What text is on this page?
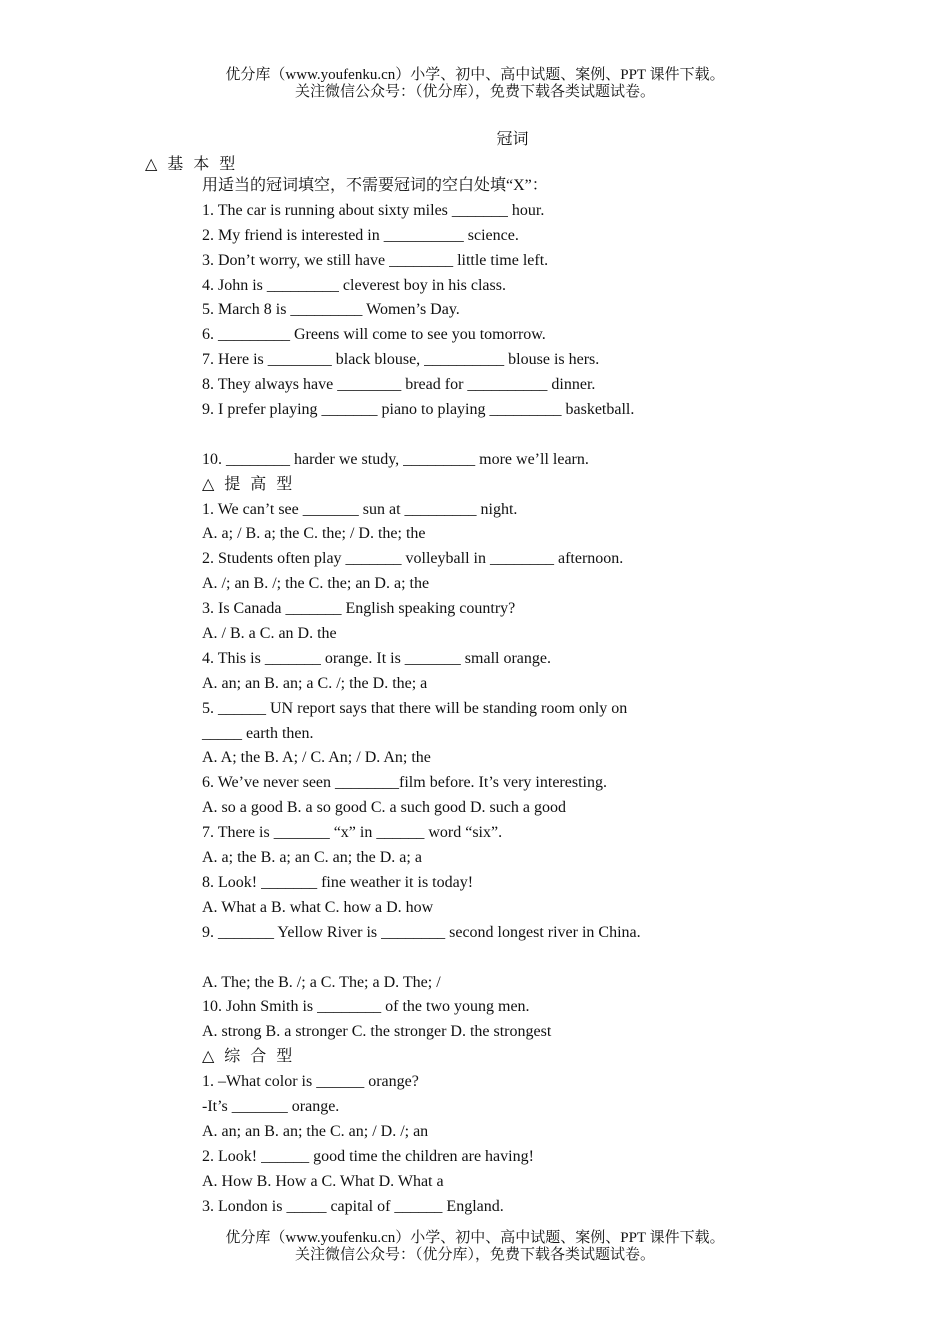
优分库（www.youfenku.cn）小学、初中、高中试题、案例、PPT 课件下载。
关注微信公众号：（优分库），免费下载各类试题试卷。
冠词
△ 基 本 型
用适当的冠词填空，不需要冠词的空白处填“X”：
1. The car is running about sixty miles _______ hour.
2. My friend is interested in __________ science.
3. Don’t worry, we still have ________ little time left.
4. John is _________ cleverest boy in his class.
5. March 8 is _________ Women’s Day.
6. _________ Greens will come to see you tomorrow.
7. Here is ________ black blouse, __________ blouse is hers.
8. They always have ________ bread for __________ dinner.
9. I prefer playing _______ piano to playing _________ basketball.
10. ________ harder we study, _________ more we’ll learn.
△ 提 高 型
1. We can’t see _______ sun at _________ night.
A. a; / B. a; the C. the; / D. the; the
2. Students often play _______ volleyball in ________ afternoon.
A. /; an B. /; the C. the; an D. a; the
3. Is Canada _______ English speaking country?
A. / B. a C. an D. the
4. This is _______ orange. It is _______ small orange.
A. an; an B. an; a C. /; the D. the; a
5. ______ UN report says that there will be standing room only on
_____ earth then.
A. A; the B. A; / C. An; / D. An; the
6. We’ve never seen ________film before. It’s very interesting.
A. so a good B. a so good C. a such good D. such a good
7. There is _______ “x” in ______ word “six”.
A. a; the B. a; an C. an; the D. a; a
8. Look! _______ fine weather it is today!
A. What a B. what C. how a D. how
9. _______ Yellow River is ________ second longest river in China.
A. The; the B. /; a C. The; a D. The; /
10. John Smith is ________ of the two young men.
A. strong B. a stronger C. the stronger D. the strongest
△ 综 合 型
1. –What color is ______ orange?
-It’s _______ orange.
A. an; an B. an; the C. an; / D. /; an
2. Look! ______ good time the children are having!
A. How B. How a C. What D. What a
3. London is _____ capital of ______ England.
优分库（www.youfenku.cn）小学、初中、高中试题、案例、PPT 课件下载。
关注微信公众号：（优分库），免费下载各类试题试卷。
